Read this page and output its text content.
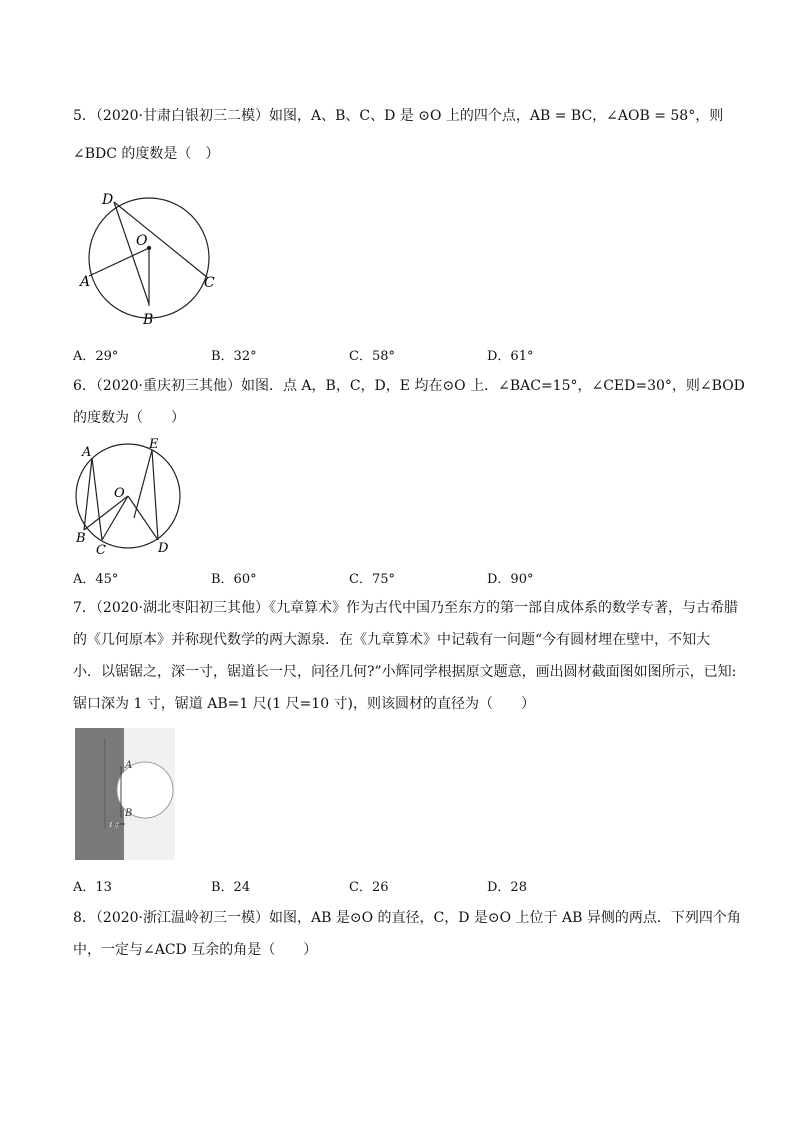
5．（2020·甘肃白银初三二模）如图，A、B、C、D 是 ⊙O 上的四个点，AB = BC，∠AOB = 58°，则
∠BDC 的度数是（　）
D
O
A
B
C
A．29°	B．32°	C．58°	D．61°
6．（2020·重庆初三其他）如图．点 A，B，C，D，E 均在⊙O 上．∠BAC=15°，∠CED=30°，则∠BOD
的度数为（　　）
A
E
O
B
C	D
A．45°	B．60°	C．75°	D．90°
7．（2020·湖北枣阳初三其他）《九章算术》作为古代中国乃至东方的第一部自成体系的数学专著，与古希腊
的《几何原本》并称现代数学的两大源泉．在《九章算术》中记载有一问题“今有圆材埋在壁中，不知大
小．以锯锯之，深一寸，锯道长一尺，问径几何?”小辉同学根据原文题意，画出圆材截面图如图所示，已知:
锯口深为 1 寸，锯道 AB=1 尺(1 尺=10 寸)，则该圆材的直径为（　　）
A
B
1寸
A．13	B．24	C．26	D．28
8．（2020·浙江温岭初三一模）如图，AB 是⊙O 的直径，C，D 是⊙O 上位于 AB 异侧的两点．下列四个角
中，一定与∠ACD 互余的角是（　　）
